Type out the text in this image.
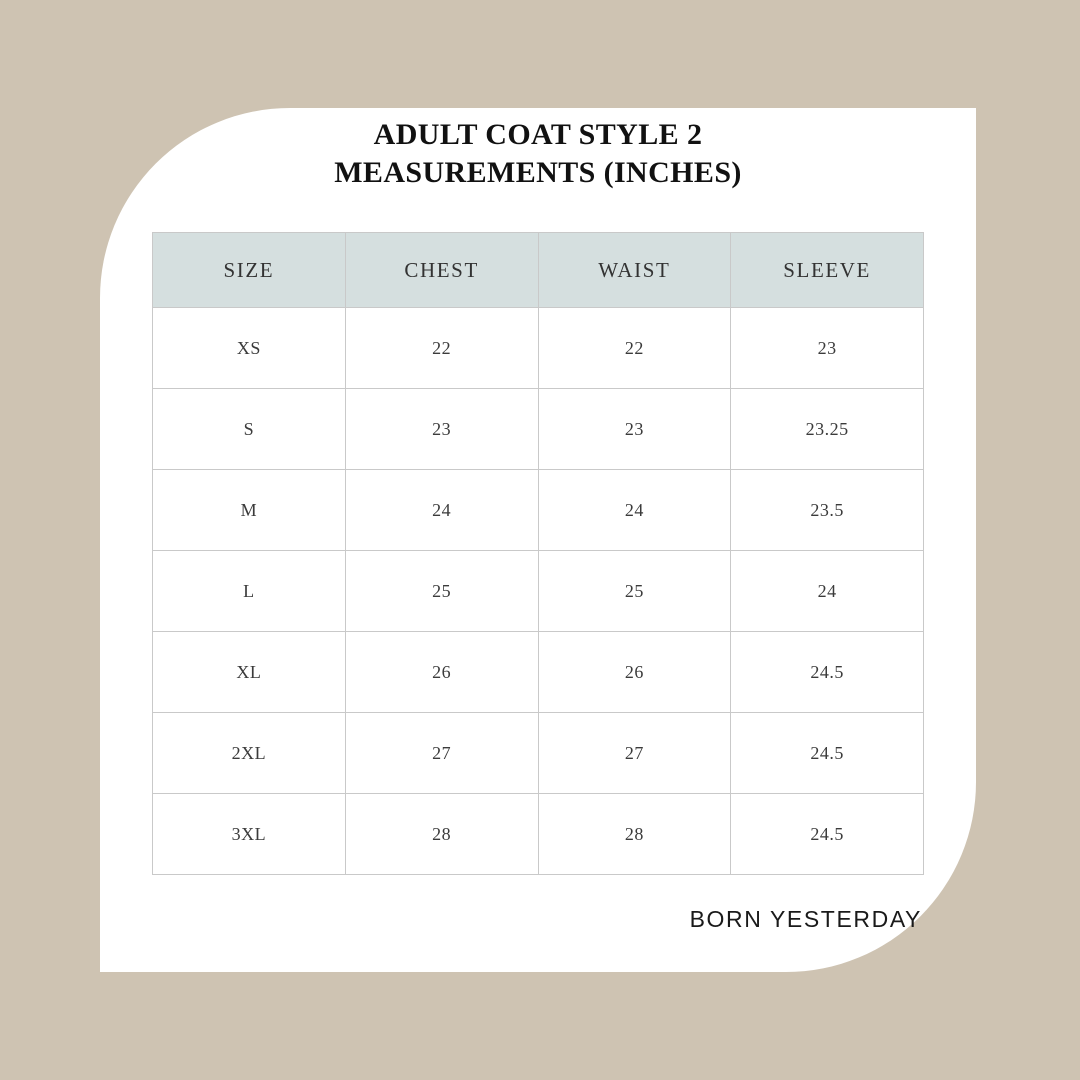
ADULT COAT STYLE 2
MEASUREMENTS (INCHES)
SIZE	CHEST	WAIST	SLEEVE
XS	22	22	23
S	23	23	23.25
M	24	24	23.5
L	25	25	24
XL	26	26	24.5
2XL	27	27	24.5
3XL	28	28	24.5
BORN YESTERDAY
